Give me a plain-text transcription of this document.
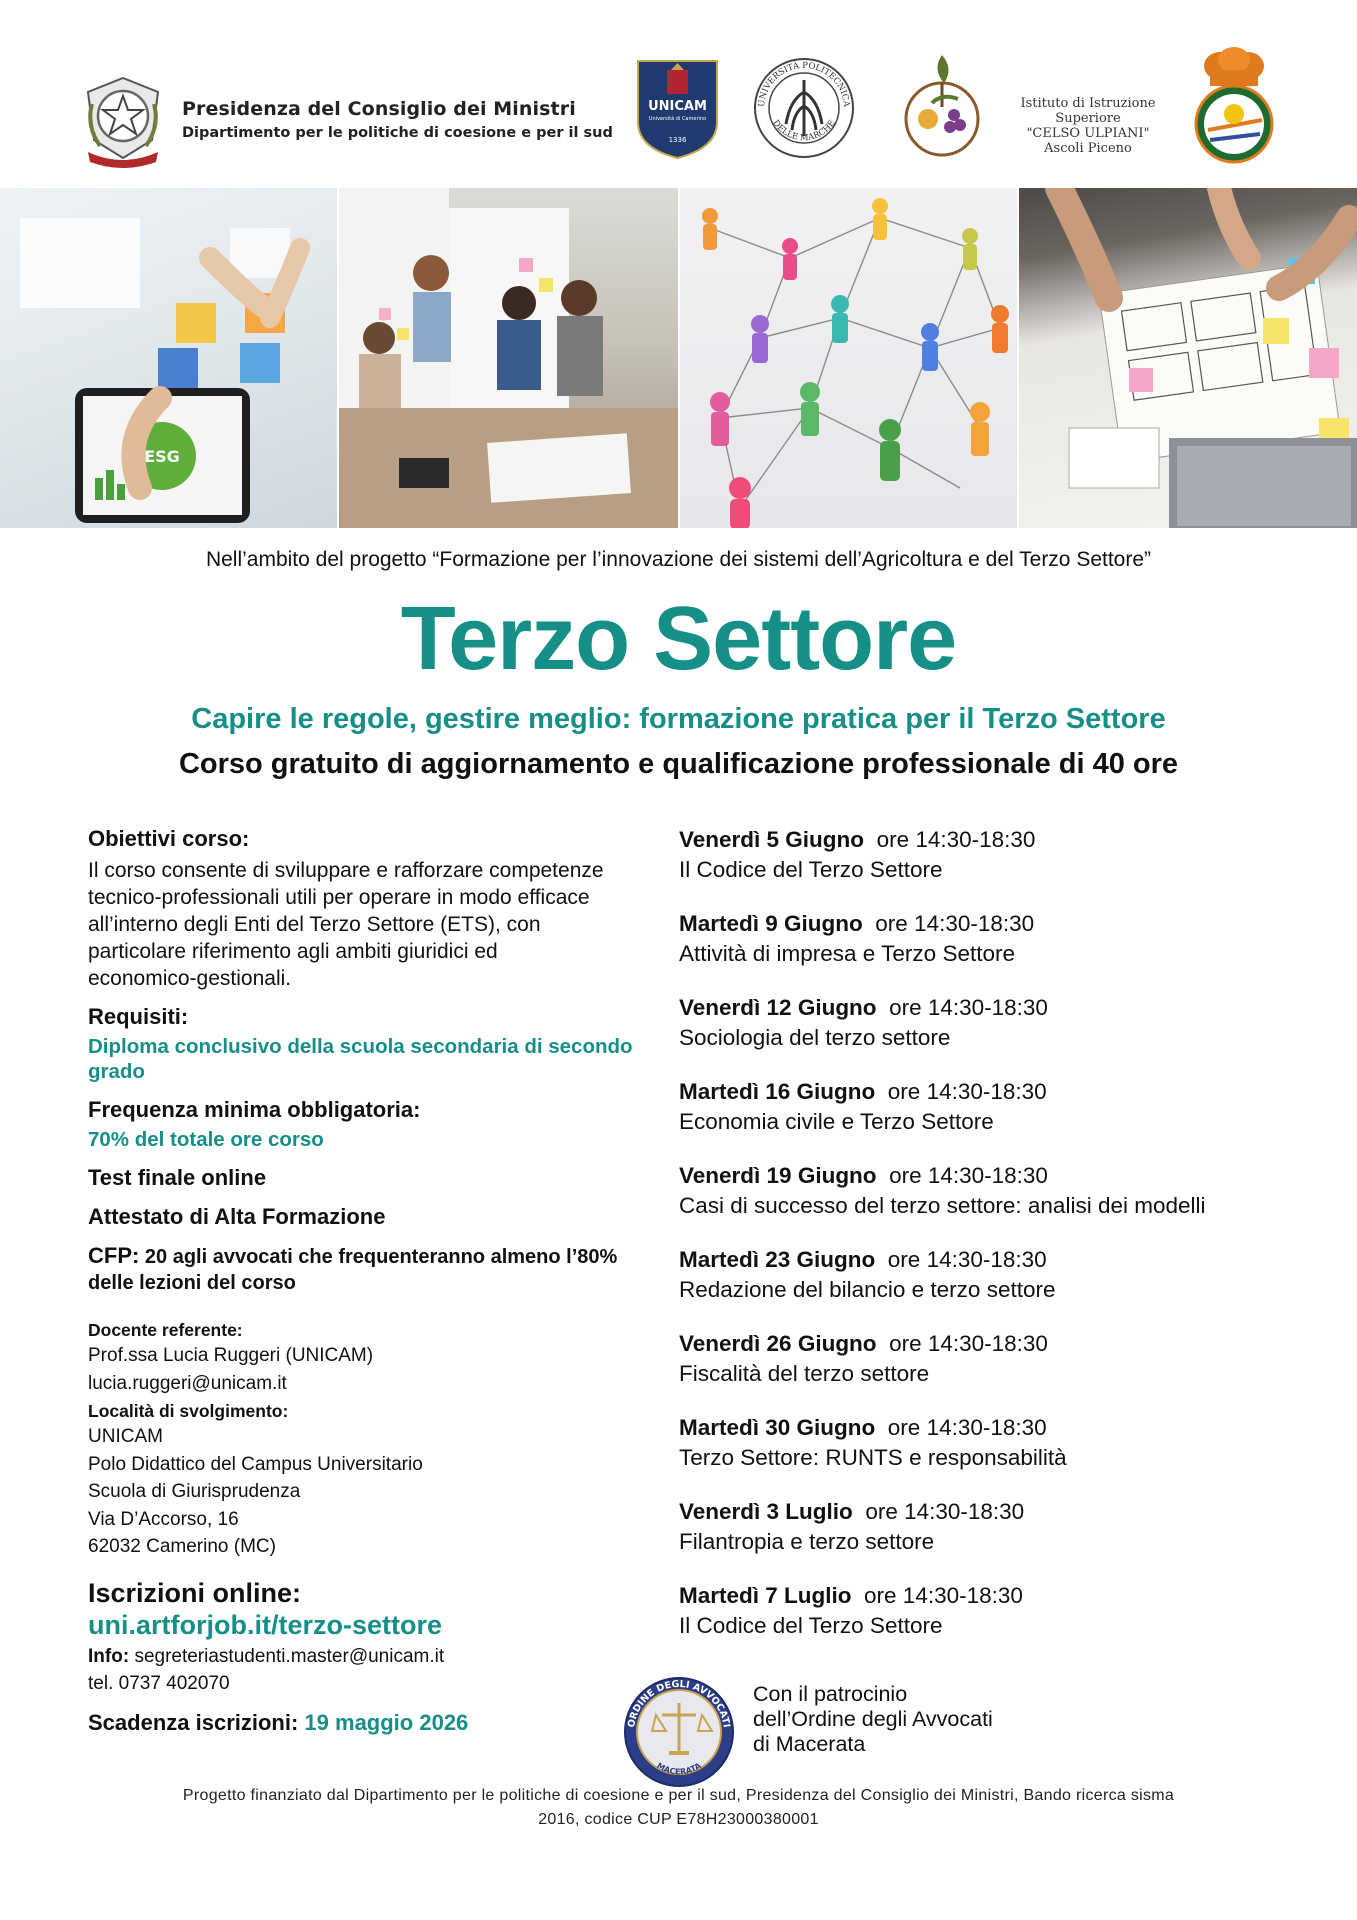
Presidenza del Consiglio dei Ministri
Dipartimento per le politiche di coesione e per il sud
UNICAM
Università di Camerino
1336
UNIVERSITÀ POLITECNICA
DELLE MARCHE
Istituto di Istruzione Superiore
"CELSO ULPIANI"
Ascoli Piceno
ESG
Nell’ambito del progetto “Formazione per l’innovazione dei sistemi dell’Agricoltura e del Terzo Settore”
Terzo Settore
Capire le regole, gestire meglio: formazione pratica per il Terzo Settore
Corso gratuito di aggiornamento e qualificazione professionale di 40 ore
Obiettivi corso:
Il corso consente di sviluppare e rafforzare competenze tecnico-professionali utili per operare in modo efficace all’interno degli Enti del Terzo Settore (ETS), con particolare riferimento agli ambiti giuridici ed economico-gestionali.
Requisiti:
Diploma conclusivo della scuola secondaria di secondo grado
Frequenza minima obbligatoria:
70% del totale ore corso
Test finale online
Attestato di Alta Formazione
CFP: 20 agli avvocati che frequenteranno almeno l’80% delle lezioni del corso
Docente referente:
Prof.ssa Lucia Ruggeri (UNICAM)
lucia.ruggeri@unicam.it
Località di svolgimento:
UNICAM
Polo Didattico del Campus Universitario
Scuola di Giurisprudenza
Via D’Accorso, 16
62032 Camerino (MC)
Iscrizioni online:
uni.artforjob.it/terzo-settore
Info: segreteriastudenti.master@unicam.it
tel. 0737 402070
Scadenza iscrizioni: 19 maggio 2026
Venerdì 5 Giugno ore 14:30-18:30
Il Codice del Terzo Settore
Martedì 9 Giugno ore 14:30-18:30
Attività di impresa e Terzo Settore
Venerdì 12 Giugno ore 14:30-18:30
Sociologia del terzo settore
Martedì 16 Giugno ore 14:30-18:30
Economia civile e Terzo Settore
Venerdì 19 Giugno ore 14:30-18:30
Casi di successo del terzo settore: analisi dei modelli
Martedì 23 Giugno ore 14:30-18:30
Redazione del bilancio e terzo settore
Venerdì 26 Giugno ore 14:30-18:30
Fiscalità del terzo settore
Martedì 30 Giugno ore 14:30-18:30
Terzo Settore: RUNTS e responsabilità
Venerdì 3 Luglio ore 14:30-18:30
Filantropia e terzo settore
Martedì 7 Luglio ore 14:30-18:30
Il Codice del Terzo Settore
ORDINE DEGLI AVVOCATI
MACERATA
Con il patrocinio
dell’Ordine degli Avvocati
di Macerata
Progetto finanziato dal Dipartimento per le politiche di coesione e per il sud, Presidenza del Consiglio dei Ministri, Bando ricerca sisma
2016, codice CUP E78H23000380001
